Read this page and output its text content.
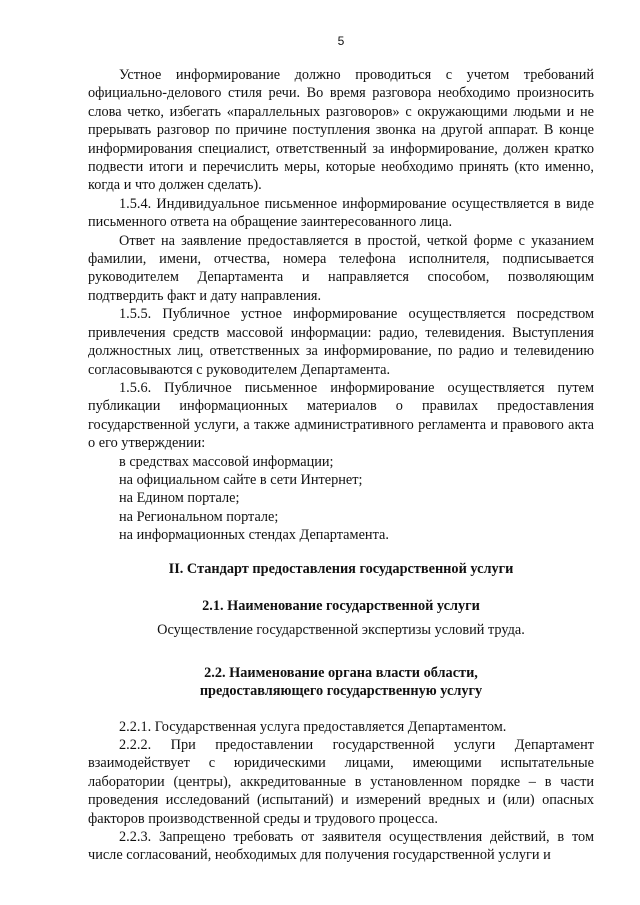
5

Устное информирование должно проводиться с учетом требований официально-делового стиля речи. Во время разговора необходимо произносить слова четко, избегать «параллельных разговоров» с окружающими людьми и не прерывать разговор по причине поступления звонка на другой аппарат. В конце информирования специалист, ответственный за информирование, должен кратко подвести итоги и перечислить меры, которые необходимо принять (кто именно, когда и что должен сделать).

1.5.4. Индивидуальное письменное информирование осуществляется в виде письменного ответа на обращение заинтересованного лица.

Ответ на заявление предоставляется в простой, четкой форме с указанием фамилии, имени, отчества, номера телефона исполнителя, подписывается руководителем Департамента и направляется способом, позволяющим подтвердить факт и дату направления.

1.5.5. Публичное устное информирование осуществляется посредством привлечения средств массовой информации: радио, телевидения. Выступления должностных лиц, ответственных за информирование, по радио и телевидению согласовываются с руководителем Департамента.

1.5.6. Публичное письменное информирование осуществляется путем публикации информационных материалов о правилах предоставления государственной услуги, а также административного регламента и правового акта о его утверждении:

в средствах массовой информации;

на официальном сайте в сети Интернет;

на Едином портале;

на Региональном портале;

на информационных стендах Департамента.

II. Стандарт предоставления государственной услуги
2.1. Наименование государственной услуги

Осуществление государственной экспертизы условий труда.

2.2. Наименование органа власти области,
предоставляющего государственную услугу

2.2.1. Государственная услуга предоставляется Департаментом.

2.2.2. При предоставлении государственной услуги Департамент взаимодействует с юридическими лицами, имеющими испытательные лаборатории (центры), аккредитованные в установленном порядке – в части проведения исследований (испытаний) и измерений вредных и (или) опасных факторов производственной среды и трудового процесса.

2.2.3. Запрещено требовать от заявителя осуществления действий, в том числе согласований, необходимых для получения государственной услуги и
